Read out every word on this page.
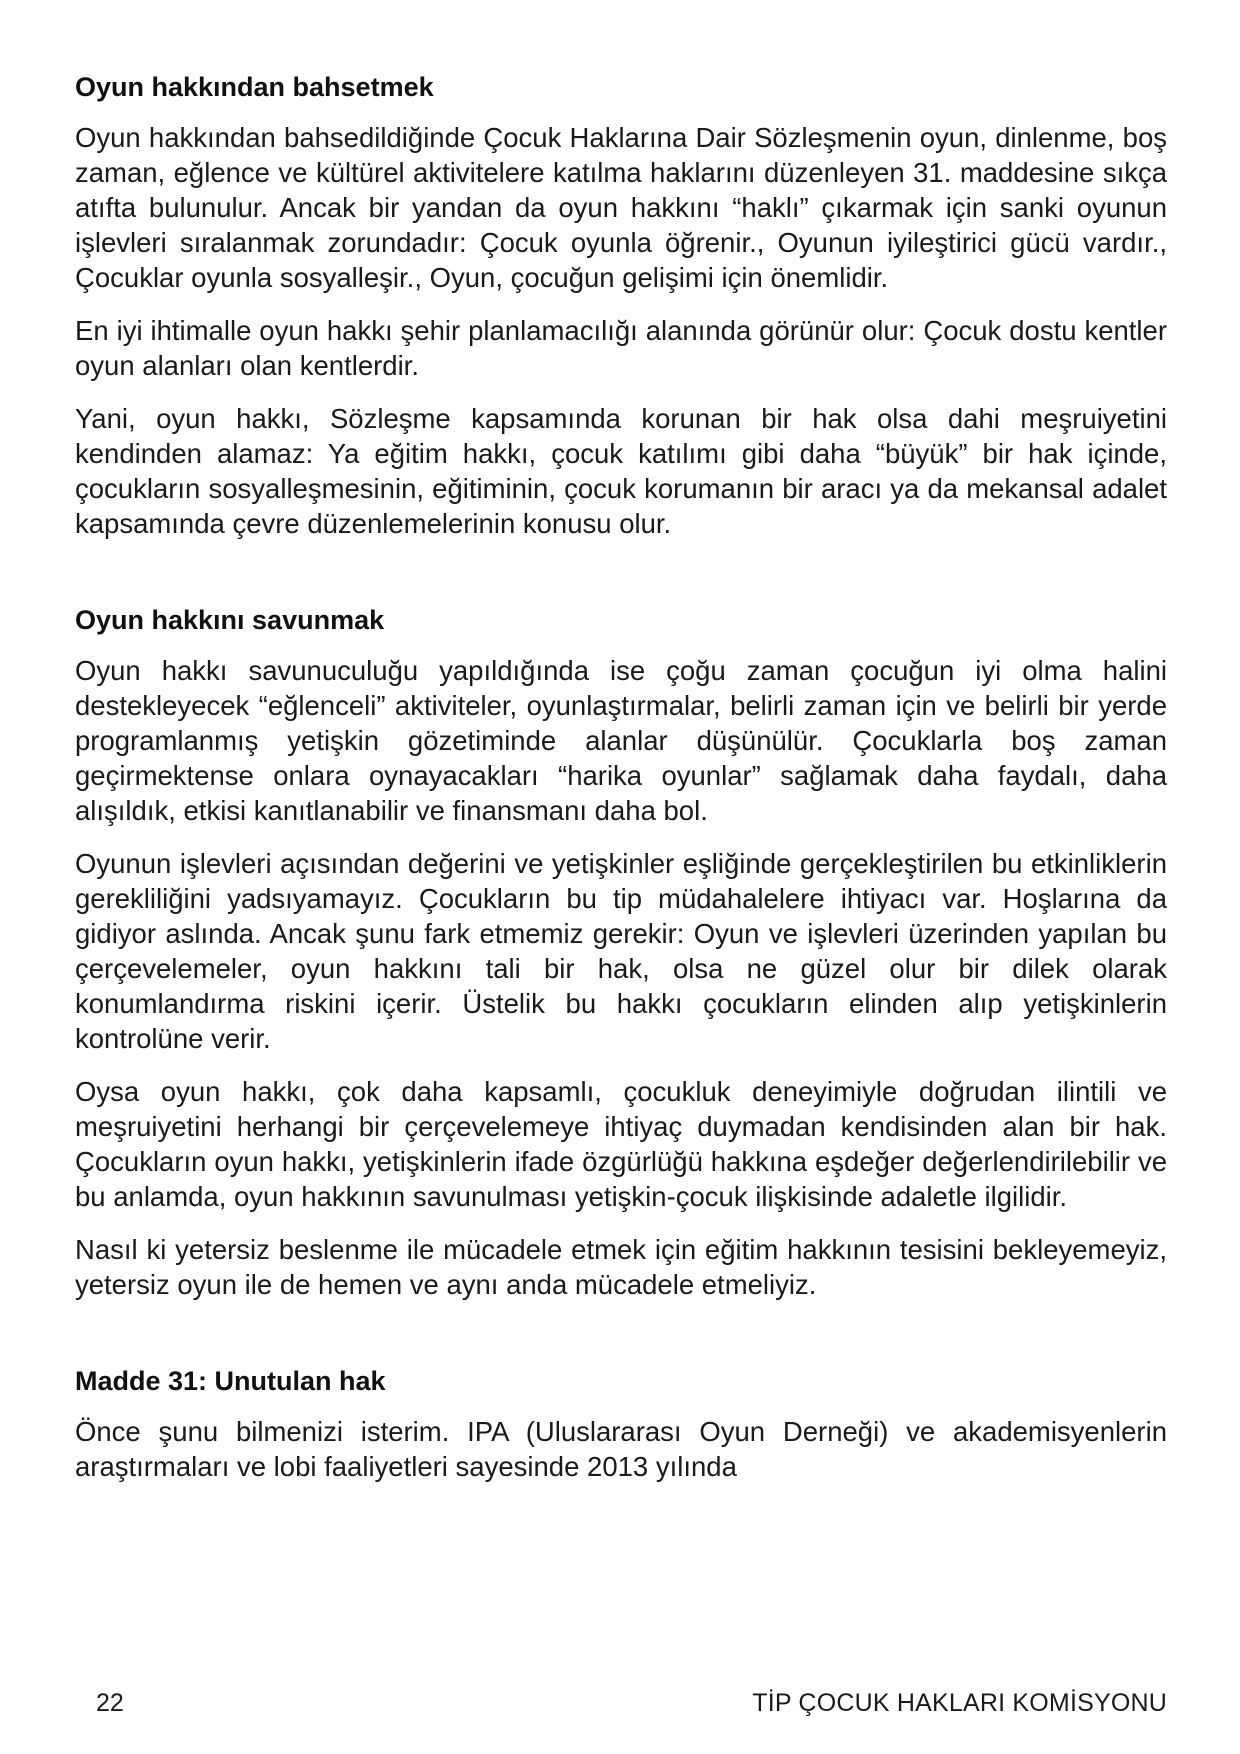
Oyun hakkından bahsetmek

Oyun hakkından bahsedildiğinde Çocuk Haklarına Dair Sözleşmenin oyun, dinlenme, boş zaman, eğlence ve kültürel aktivitelere katılma haklarını düzenleyen 31. maddesine sıkça atıfta bulunulur. Ancak bir yandan da oyun hakkını “haklı” çıkarmak için sanki oyunun işlevleri sıralanmak zorundadır: Çocuk oyunla öğrenir., Oyunun iyileştirici gücü vardır., Çocuklar oyunla sosyalleşir., Oyun, çocuğun gelişimi için önemlidir.

En iyi ihtimalle oyun hakkı şehir planlamacılığı alanında görünür olur: Çocuk dostu kentler oyun alanları olan kentlerdir.

Yani, oyun hakkı, Sözleşme kapsamında korunan bir hak olsa dahi meşruiyetini kendinden alamaz: Ya eğitim hakkı, çocuk katılımı gibi daha “büyük” bir hak içinde, çocukların sosyalleşmesinin, eğitiminin, çocuk korumanın bir aracı ya da mekansal adalet kapsamında çevre düzenlemelerinin konusu olur.

Oyun hakkını savunmak

Oyun hakkı savunuculuğu yapıldığında ise çoğu zaman çocuğun iyi olma halini destekleyecek “eğlenceli” aktiviteler, oyunlaştırmalar, belirli zaman için ve belirli bir yerde programlanmış yetişkin gözetiminde alanlar düşünülür. Çocuklarla boş zaman geçirmektense onlara oynayacakları “harika oyunlar” sağlamak daha faydalı, daha alışıldık, etkisi kanıtlanabilir ve finansmanı daha bol.

Oyunun işlevleri açısından değerini ve yetişkinler eşliğinde gerçekleştirilen bu etkinliklerin gerekliliğini yadsıyamayız. Çocukların bu tip müdahalelere ihtiyacı var. Hoşlarına da gidiyor aslında. Ancak şunu fark etmemiz gerekir: Oyun ve işlevleri üzerinden yapılan bu çerçevelemeler, oyun hakkını tali bir hak, olsa ne güzel olur bir dilek olarak konumlandırma riskini içerir. Üstelik bu hakkı çocukların elinden alıp yetişkinlerin kontrolüne verir.

Oysa oyun hakkı, çok daha kapsamlı, çocukluk deneyimiyle doğrudan ilintili ve meşruiyetini herhangi bir çerçevelemeye ihtiyaç duymadan kendisinden alan bir hak. Çocukların oyun hakkı, yetişkinlerin ifade özgürlüğü hakkına eşdeğer değerlendirilebilir ve bu anlamda, oyun hakkının savunulması yetişkin-çocuk ilişkisinde adaletle ilgilidir.

Nasıl ki yetersiz beslenme ile mücadele etmek için eğitim hakkının tesisini bekleyemeyiz, yetersiz oyun ile de hemen ve aynı anda mücadele etmeliyiz.

Madde 31: Unutulan hak

Önce şunu bilmenizi isterim. IPA (Uluslararası Oyun Derneği) ve akademisyenlerin araştırmaları ve lobi faaliyetleri sayesinde 2013 yılında

22	TİP ÇOCUK HAKLARI KOMİSYONU
